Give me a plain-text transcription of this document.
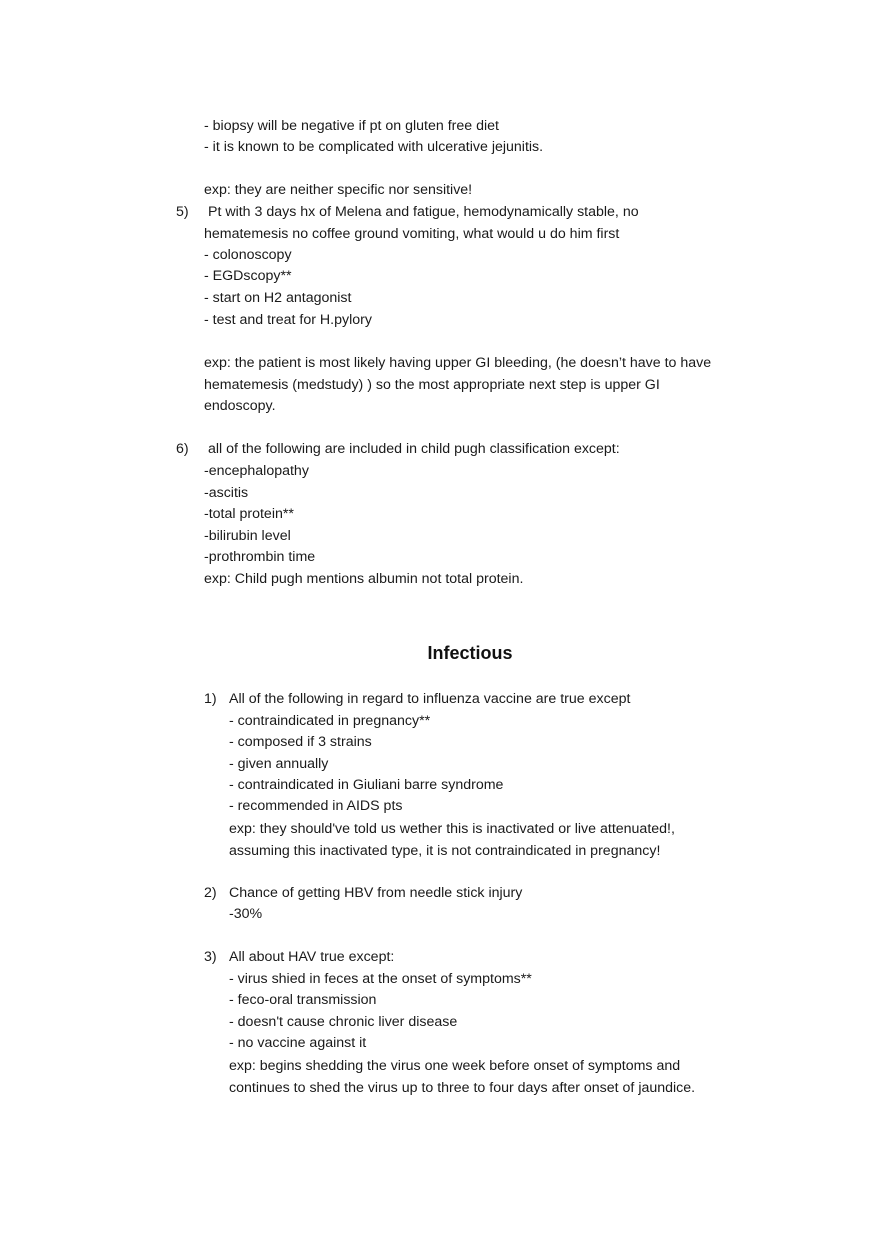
- biopsy will be negative if pt on gluten free diet
- it is known to be complicated with ulcerative jejunitis.
exp: they are neither specific nor sensitive!
5) Pt with 3 days hx of Melena and fatigue, hemodynamically stable, no
hematemesis no coffee ground vomiting, what would u do him first
- colonoscopy
- EGDscopy**
- start on H2 antagonist
- test and treat for H.pylory
exp: the patient is most likely having upper GI bleeding, (he doesn’t have to have
hematemesis (medstudy) ) so the most appropriate next step is upper GI
endoscopy.
6) all of the following are included in child pugh classification except:
-encephalopathy
-ascitis
-total protein**
-bilirubin level
-prothrombin time
exp: Child pugh mentions albumin not total protein.
Infectious
1) All of the following in regard to influenza vaccine are true except
- contraindicated in pregnancy**
- composed if 3 strains
- given annually
- contraindicated in Giuliani barre syndrome
- recommended in AIDS pts
exp: they should've told us wether this is inactivated or live attenuated!,
assuming this inactivated type, it is not contraindicated in pregnancy!
2) Chance of getting HBV from needle stick injury
-30%
3) All about HAV true except:
- virus shied in feces at the onset of symptoms**
- feco-oral transmission
- doesn't cause chronic liver disease
- no vaccine against it
exp: begins shedding the virus one week before onset of symptoms and
continues to shed the virus up to three to four days after onset of jaundice.
